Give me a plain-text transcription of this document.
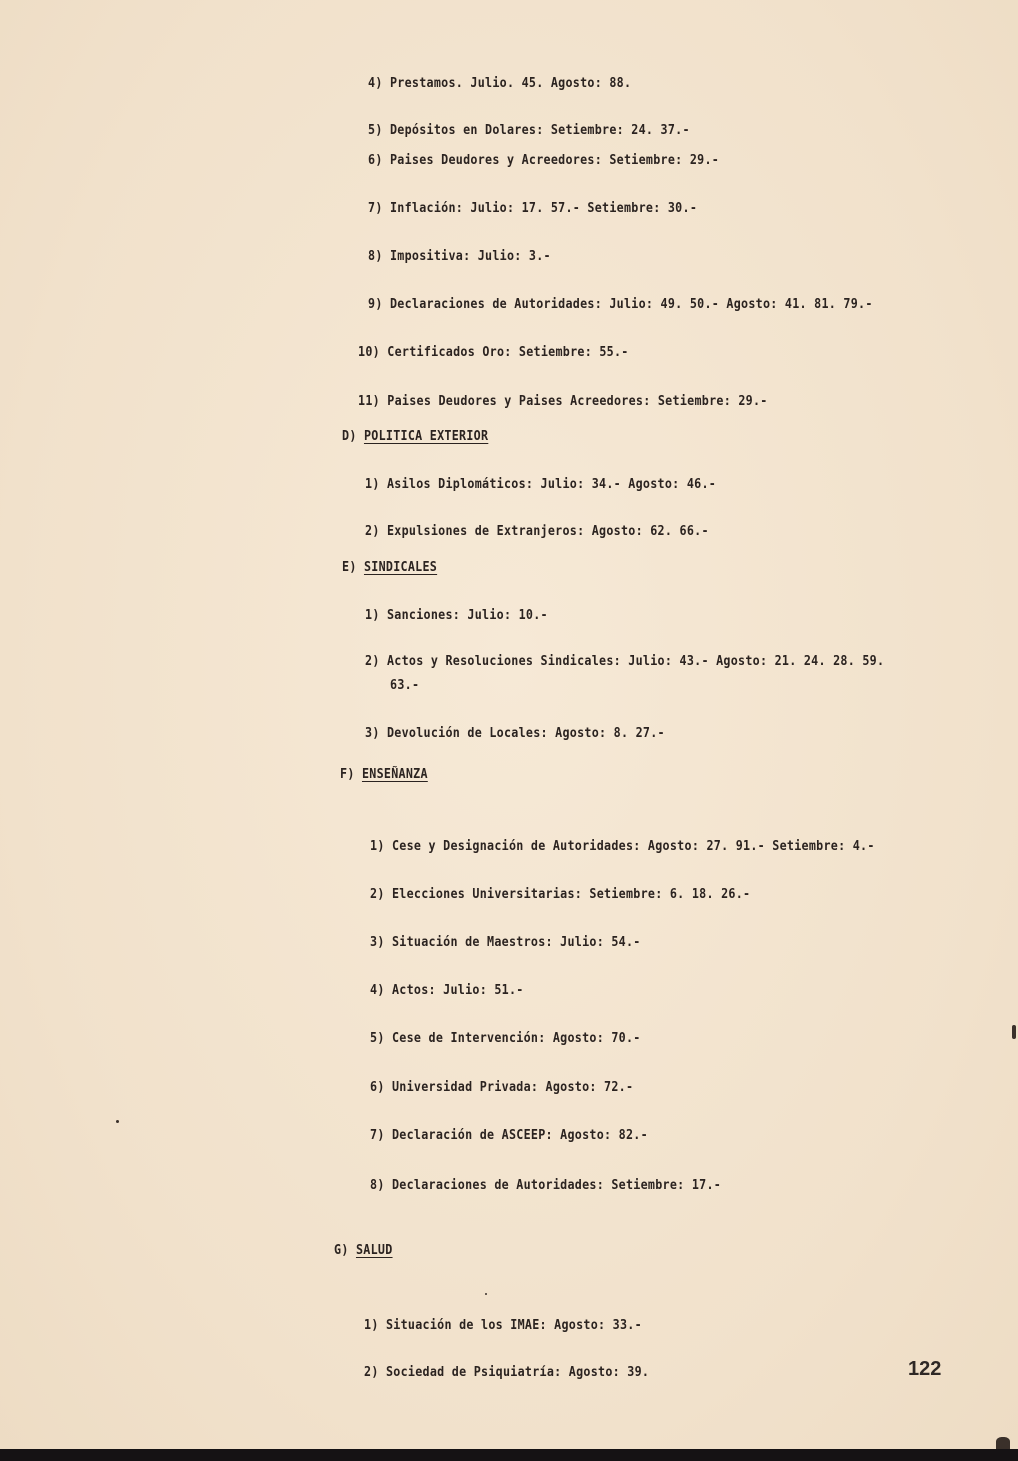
4) Prestamos. Julio. 45. Agosto: 88.
5) Depósitos en Dolares: Setiembre: 24. 37.-
6) Paises Deudores y Acreedores: Setiembre: 29.-
7) Inflación: Julio: 17. 57.- Setiembre: 30.-
8) Impositiva: Julio: 3.-
9) Declaraciones de Autoridades: Julio: 49. 50.- Agosto: 41. 81. 79.-
10) Certificados Oro: Setiembre: 55.-
11) Paises Deudores y Paises Acreedores: Setiembre: 29.-
D) POLITICA EXTERIOR
1) Asilos Diplomáticos: Julio: 34.- Agosto: 46.-
2) Expulsiones de Extranjeros: Agosto: 62. 66.-
E) SINDICALES
1) Sanciones: Julio: 10.-
2) Actos y Resoluciones Sindicales: Julio: 43.- Agosto: 21. 24. 28. 59.
63.-
3) Devolución de Locales: Agosto: 8. 27.-
F) ENSEÑANZA
1) Cese y Designación de Autoridades: Agosto: 27. 91.- Setiembre: 4.-
2) Elecciones Universitarias: Setiembre: 6. 18. 26.-
3) Situación de Maestros: Julio: 54.-
4) Actos: Julio: 51.-
5) Cese de Intervención: Agosto: 70.-
6) Universidad Privada: Agosto: 72.-
7) Declaración de ASCEEP: Agosto: 82.-
8) Declaraciones de Autoridades: Setiembre: 17.-
G) SALUD
1) Situación de los IMAE: Agosto: 33.-
2) Sociedad de Psiquiatría: Agosto: 39.	122
